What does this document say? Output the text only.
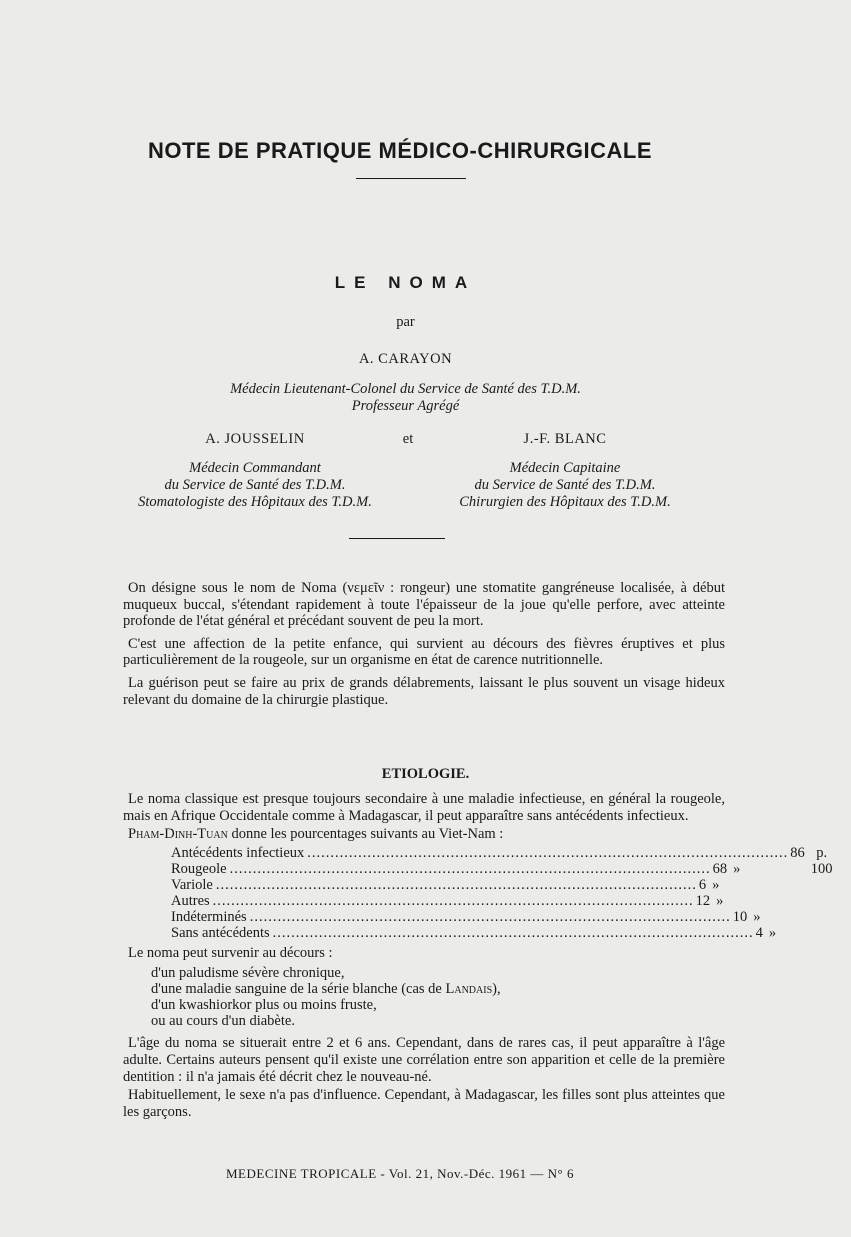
NOTE DE PRATIQUE MÉDICO-CHIRURGICALE
LE NOMA
par
A. CARAYON
Médecin Lieutenant-Colonel du Service de Santé des T.D.M.
Professeur Agrégé
A. JOUSSELIN
Médecin Commandant
du Service de Santé des T.D.M.
Stomatologiste des Hôpitaux des T.D.M.
et	J.-F. BLANC
Médecin Capitaine
du Service de Santé des T.D.M.
Chirurgien des Hôpitaux des T.D.M.

On désigne sous le nom de Noma (νεμεῖν : rongeur) une stomatite gangréneuse localisée, à début muqueux buccal, s'étendant rapidement à toute l'épaisseur de la joue qu'elle perfore, avec atteinte profonde de l'état général et précédant souvent de peu la mort.

C'est une affection de la petite enfance, qui survient au décours des fièvres éruptives et plus particulièrement de la rougeole, sur un organisme en état de carence nutritionnelle.

La guérison peut se faire au prix de grands délabrements, laissant le plus souvent un visage hideux relevant du domaine de la chirurgie plastique.

ETIOLOGIE.

Le noma classique est presque toujours secondaire à une maladie infectieuse, en général la rougeole, mais en Afrique Occidentale comme à Madagascar, il peut apparaître sans antécédents infectieux.

Pham-Dinh-Tuan donne les pourcentages suivants au Viet-Nam :

Antécédents infectieux ........................................................................................................ 86 p. 100
Rougeole ........................................................................................................ 68 »
Variole ........................................................................................................ 6 »
Autres ........................................................................................................ 12 »
Indéterminés ........................................................................................................ 10 »
Sans antécédents ........................................................................................................ 4 »
Le noma peut survenir au décours :
d'un paludisme sévère chronique,
d'une maladie sanguine de la série blanche (cas de Landais),
d'un kwashiorkor plus ou moins fruste,
ou au cours d'un diabète.

L'âge du noma se situerait entre 2 et 6 ans. Cependant, dans de rares cas, il peut apparaître à l'âge adulte. Certains auteurs pensent qu'il existe une corrélation entre son apparition et celle de la première dentition : il n'a jamais été décrit chez le nouveau-né.

Habituellement, le sexe n'a pas d'influence. Cependant, à Madagascar, les filles sont plus atteintes que les garçons.

MEDECINE TROPICALE - Vol. 21, Nov.-Déc. 1961 — N° 6
